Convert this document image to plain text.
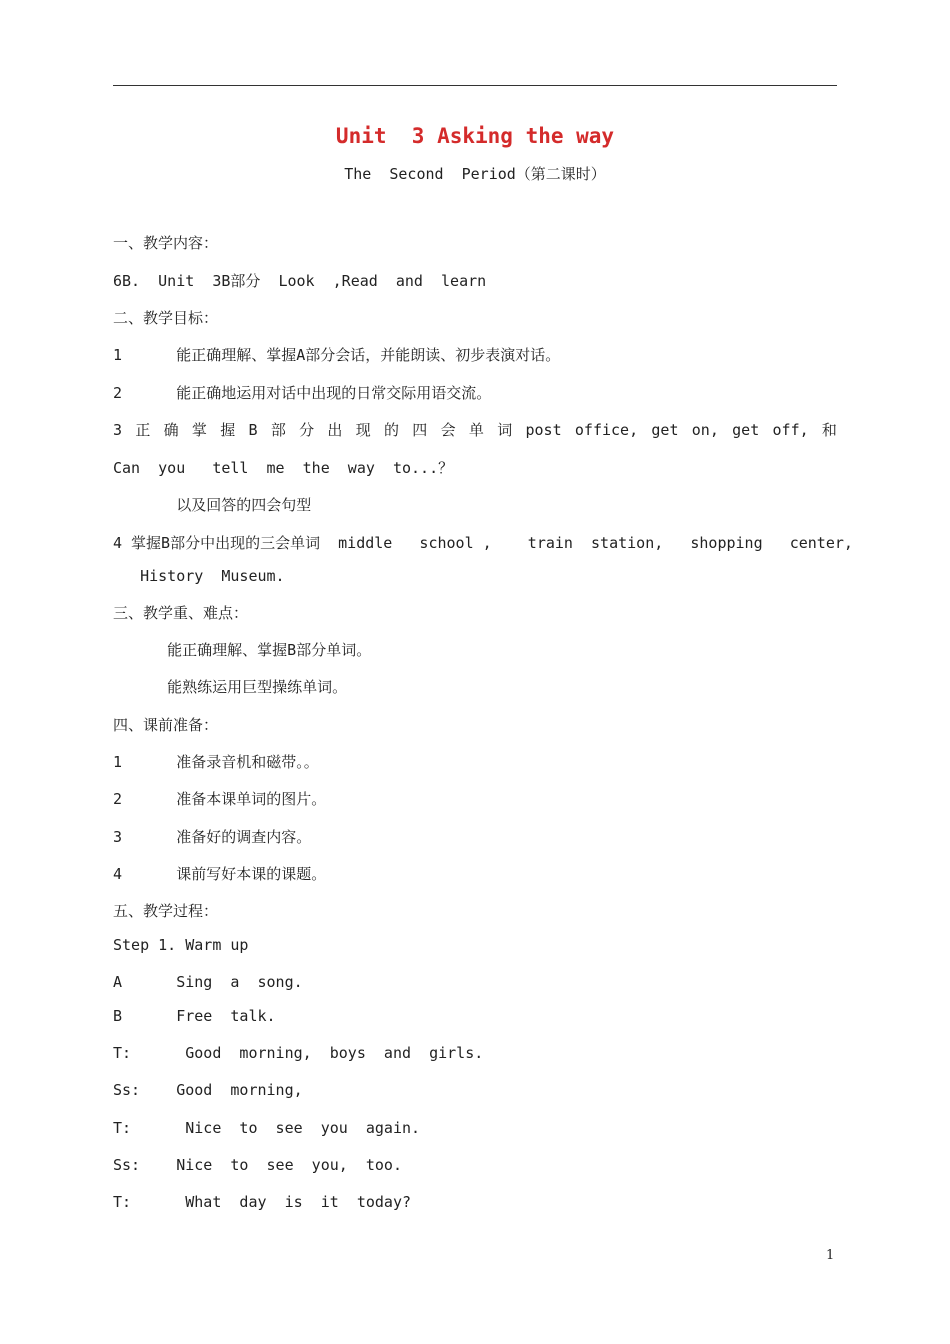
Unit  3 Asking the way
The  Second  Period（第二课时）
一、教学内容：
6B.  Unit  3B部分  Look  ,Read  and  learn
二、教学目标：
1      能正确理解、掌握A部分会话，并能朗读、初步表演对话。
2      能正确地运用对话中出现的日常交际用语交流。
3 正 确 掌 握 B 部 分 出 现 的 四 会 单 词 post office, get on, get off, 和
Can  you   tell  me  the  way  to...？
以及回答的四会句型
4 掌握B部分中出现的三会单词  middle   school ,    train  station,   shopping   center,
History  Museum.
三、教学重、难点：
能正确理解、掌握B部分单词。
能熟练运用巨型操练单词。
四、课前准备：
1      准备录音机和磁带。。
2      准备本课单词的图片。
3      准备好的调查内容。
4      课前写好本课的课题。
五、教学过程：
Step 1. Warm up
A      Sing  a  song.
B      Free  talk.
T:      Good  morning,  boys  and  girls.
Ss:    Good  morning,
T:      Nice  to  see  you  again.
Ss:    Nice  to  see  you,  too.
T:      What  day  is  it  today?
1
